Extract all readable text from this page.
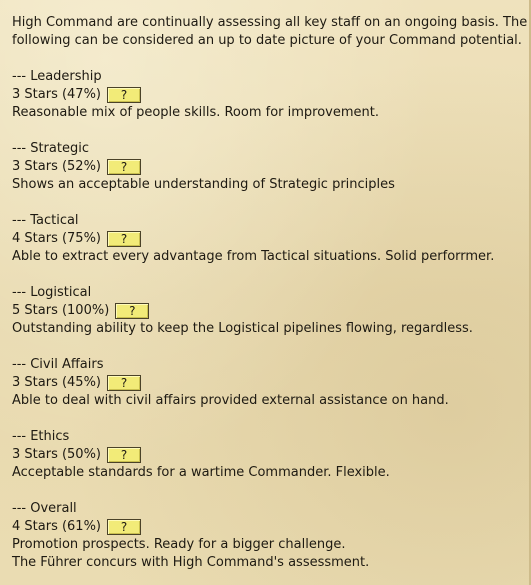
High Command are continually assessing all key staff on an ongoing basis. The
following can be considered an up to date picture of your Command potential.
--- Leadership
3 Stars (47%)	?
Reasonable mix of people skills. Room for improvement.
--- Strategic
3 Stars (52%)	?
Shows an acceptable understanding of Strategic principles
--- Tactical
4 Stars (75%)	?
Able to extract every advantage from Tactical situations. Solid perforrmer.
--- Logistical
5 Stars (100%)	?
Outstanding ability to keep the Logistical pipelines flowing, regardless.
--- Civil Affairs
3 Stars (45%)	?
Able to deal with civil affairs provided external assistance on hand.
--- Ethics
3 Stars (50%)	?
Acceptable standards for a wartime Commander. Flexible.
--- Overall
4 Stars (61%)	?
Promotion prospects. Ready for a bigger challenge.
The Führer concurs with High Command's assessment.
